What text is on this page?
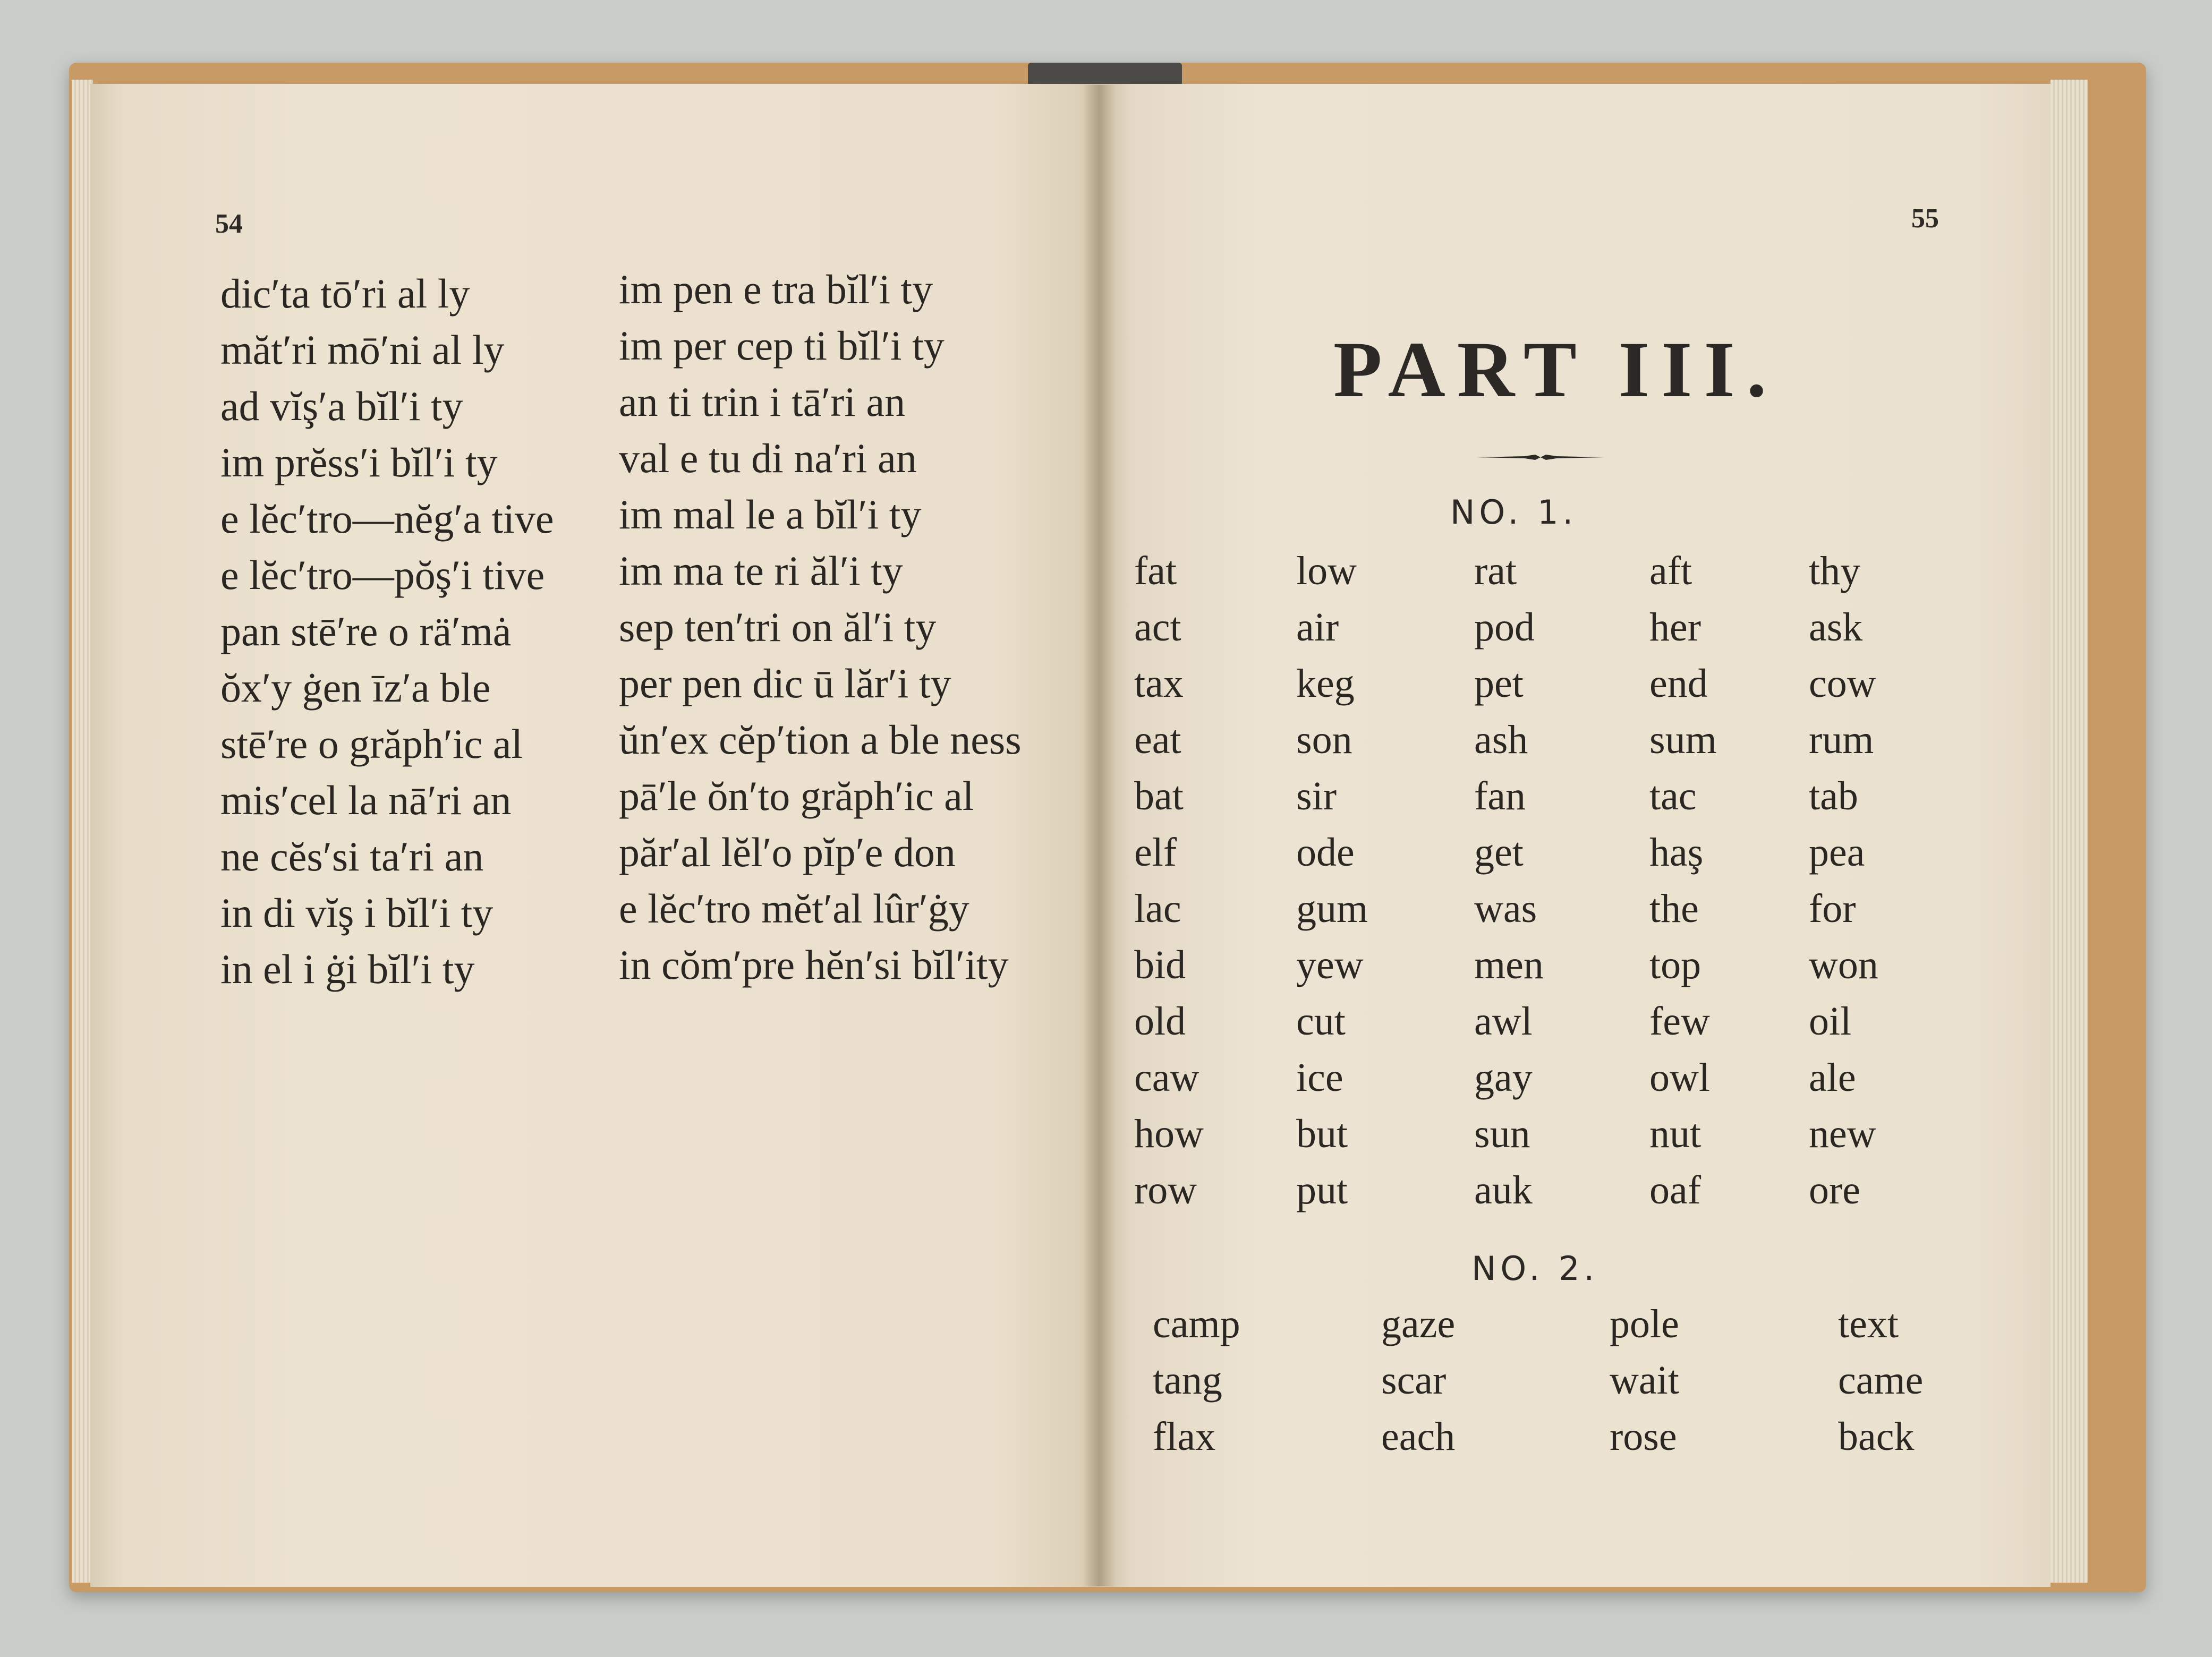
54
dic′ta tō′ri al ly
măt′ri mō′ni al ly
ad vĭş′a bĭl′i ty
im prĕss′i bĭl′i ty
e lĕc′tro—nĕg′a tive
e lĕc′tro—pŏş′i tive
pan stē′re o rä′mȧ
ŏx′y ġen īz′a ble
stē′re o grăph′ic al
mis′cel la nā′ri an
ne cĕs′si ta′ri an
in di vĭş i bĭl′i ty
in el i ġi bĭl′i ty
im pen e tra bĭl′i ty
im per cep ti bĭl′i ty
an ti trin i tā′ri an
val e tu di na′ri an
im mal le a bĭl′i ty
im ma te ri ăl′i ty
sep ten′tri on ăl′i ty
per pen dic ū lăr′i ty
ŭn′ex cĕp′tion a ble ness
pā′le ŏn′to grăph′ic al
păr′al lĕl′o pĭp′e don
e lĕc′tro mĕt′al lûr′ġy
in cŏm′pre hĕn′si bĭl′ity
55
PART III.
NO. 1.
fat
act
tax
eat
bat
elf
lac
bid
old
caw
how
row
low
air
keg
son
sir
ode
gum
yew
cut
ice
but
put
rat
pod
pet
ash
fan
get
was
men
awl
gay
sun
auk
aft
her
end
sum
tac
haş
the
top
few
owl
nut
oaf
thy
ask
cow
rum
tab
pea
for
won
oil
ale
new
ore
NO. 2.
camp
tang
flax
gaze
scar
each
pole
wait
rose
text
came
back
